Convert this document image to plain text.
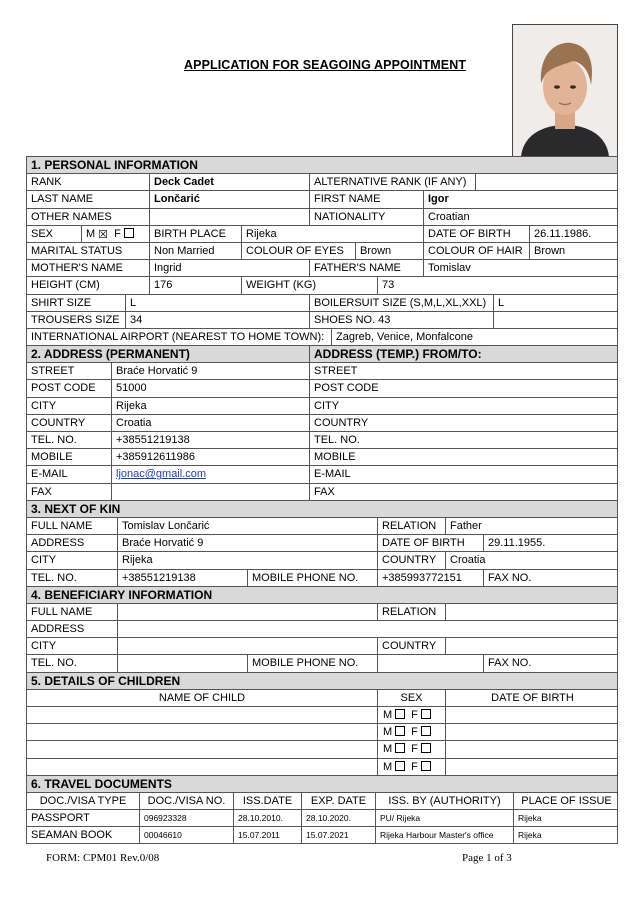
APPLICATION FOR SEAGOING APPOINTMENT
1. PERSONAL INFORMATION
RANK	Deck Cadet	ALTERNATIVE RANK (IF ANY)
LAST NAME	Lončarić	FIRST NAME	Igor
OTHER NAMES	NATIONALITY	Croatian
SEX	M ☒ F	BIRTH PLACE	Rijeka	DATE OF BIRTH	26.11.1986.
MARITAL STATUS	Non Married	COLOUR OF EYES	Brown	COLOUR OF HAIR	Brown
MOTHER'S NAME	Ingrid	FATHER'S NAME	Tomislav
HEIGHT (CM)	176	WEIGHT (KG)	73
SHIRT SIZE	L	BOILERSUIT SIZE (S,M,L,XL,XXL)	L
TROUSERS SIZE 34	SHOES NO. 43
INTERNATIONAL AIRPORT (NEAREST TO HOME TOWN):	Zagreb, Venice, Monfalcone
2. ADDRESS (PERMANENT)	ADDRESS (TEMP.) FROM/TO:
STREET	Braće Horvatić 9	STREET
POST CODE	51000	POST CODE
CITY	Rijeka	CITY
COUNTRY	Croatia	COUNTRY
TEL. NO.	+38551219138	TEL. NO.
MOBILE	+385912611986	MOBILE
E-MAIL	ljonac@gmail.com	E-MAIL
FAX	FAX
3. NEXT OF KIN
FULL NAME	Tomislav Lončarić	RELATION	Father
ADDRESS	Braće Horvatić 9	DATE OF BIRTH	29.11.1955.
CITY	Rijeka	COUNTRY	Croatia
TEL. NO.	+38551219138	MOBILE PHONE NO.	+385993772151	FAX NO.
4. BENEFICIARY INFORMATION
FULL NAME	RELATION
ADDRESS
CITY	COUNTRY
TEL. NO.	MOBILE PHONE NO.	FAX NO.
5. DETAILS OF CHILDREN
NAME OF CHILD	SEX	DATE OF BIRTH
M F
M F
M F
M F
6. TRAVEL DOCUMENTS
DOC./VISA TYPE	DOC./VISA NO.	ISS.DATE	EXP. DATE	ISS. BY (AUTHORITY)	PLACE OF ISSUE
PASSPORT	096923328	28.10.2010.	28.10.2020.	PU/ Rijeka	Rijeka
SEAMAN BOOK	00046610	15.07.2011	15.07.2021	Rijeka Harbour Master's office	Rijeka
FORM: CPM01 Rev.0/08	Page 1 of 3
